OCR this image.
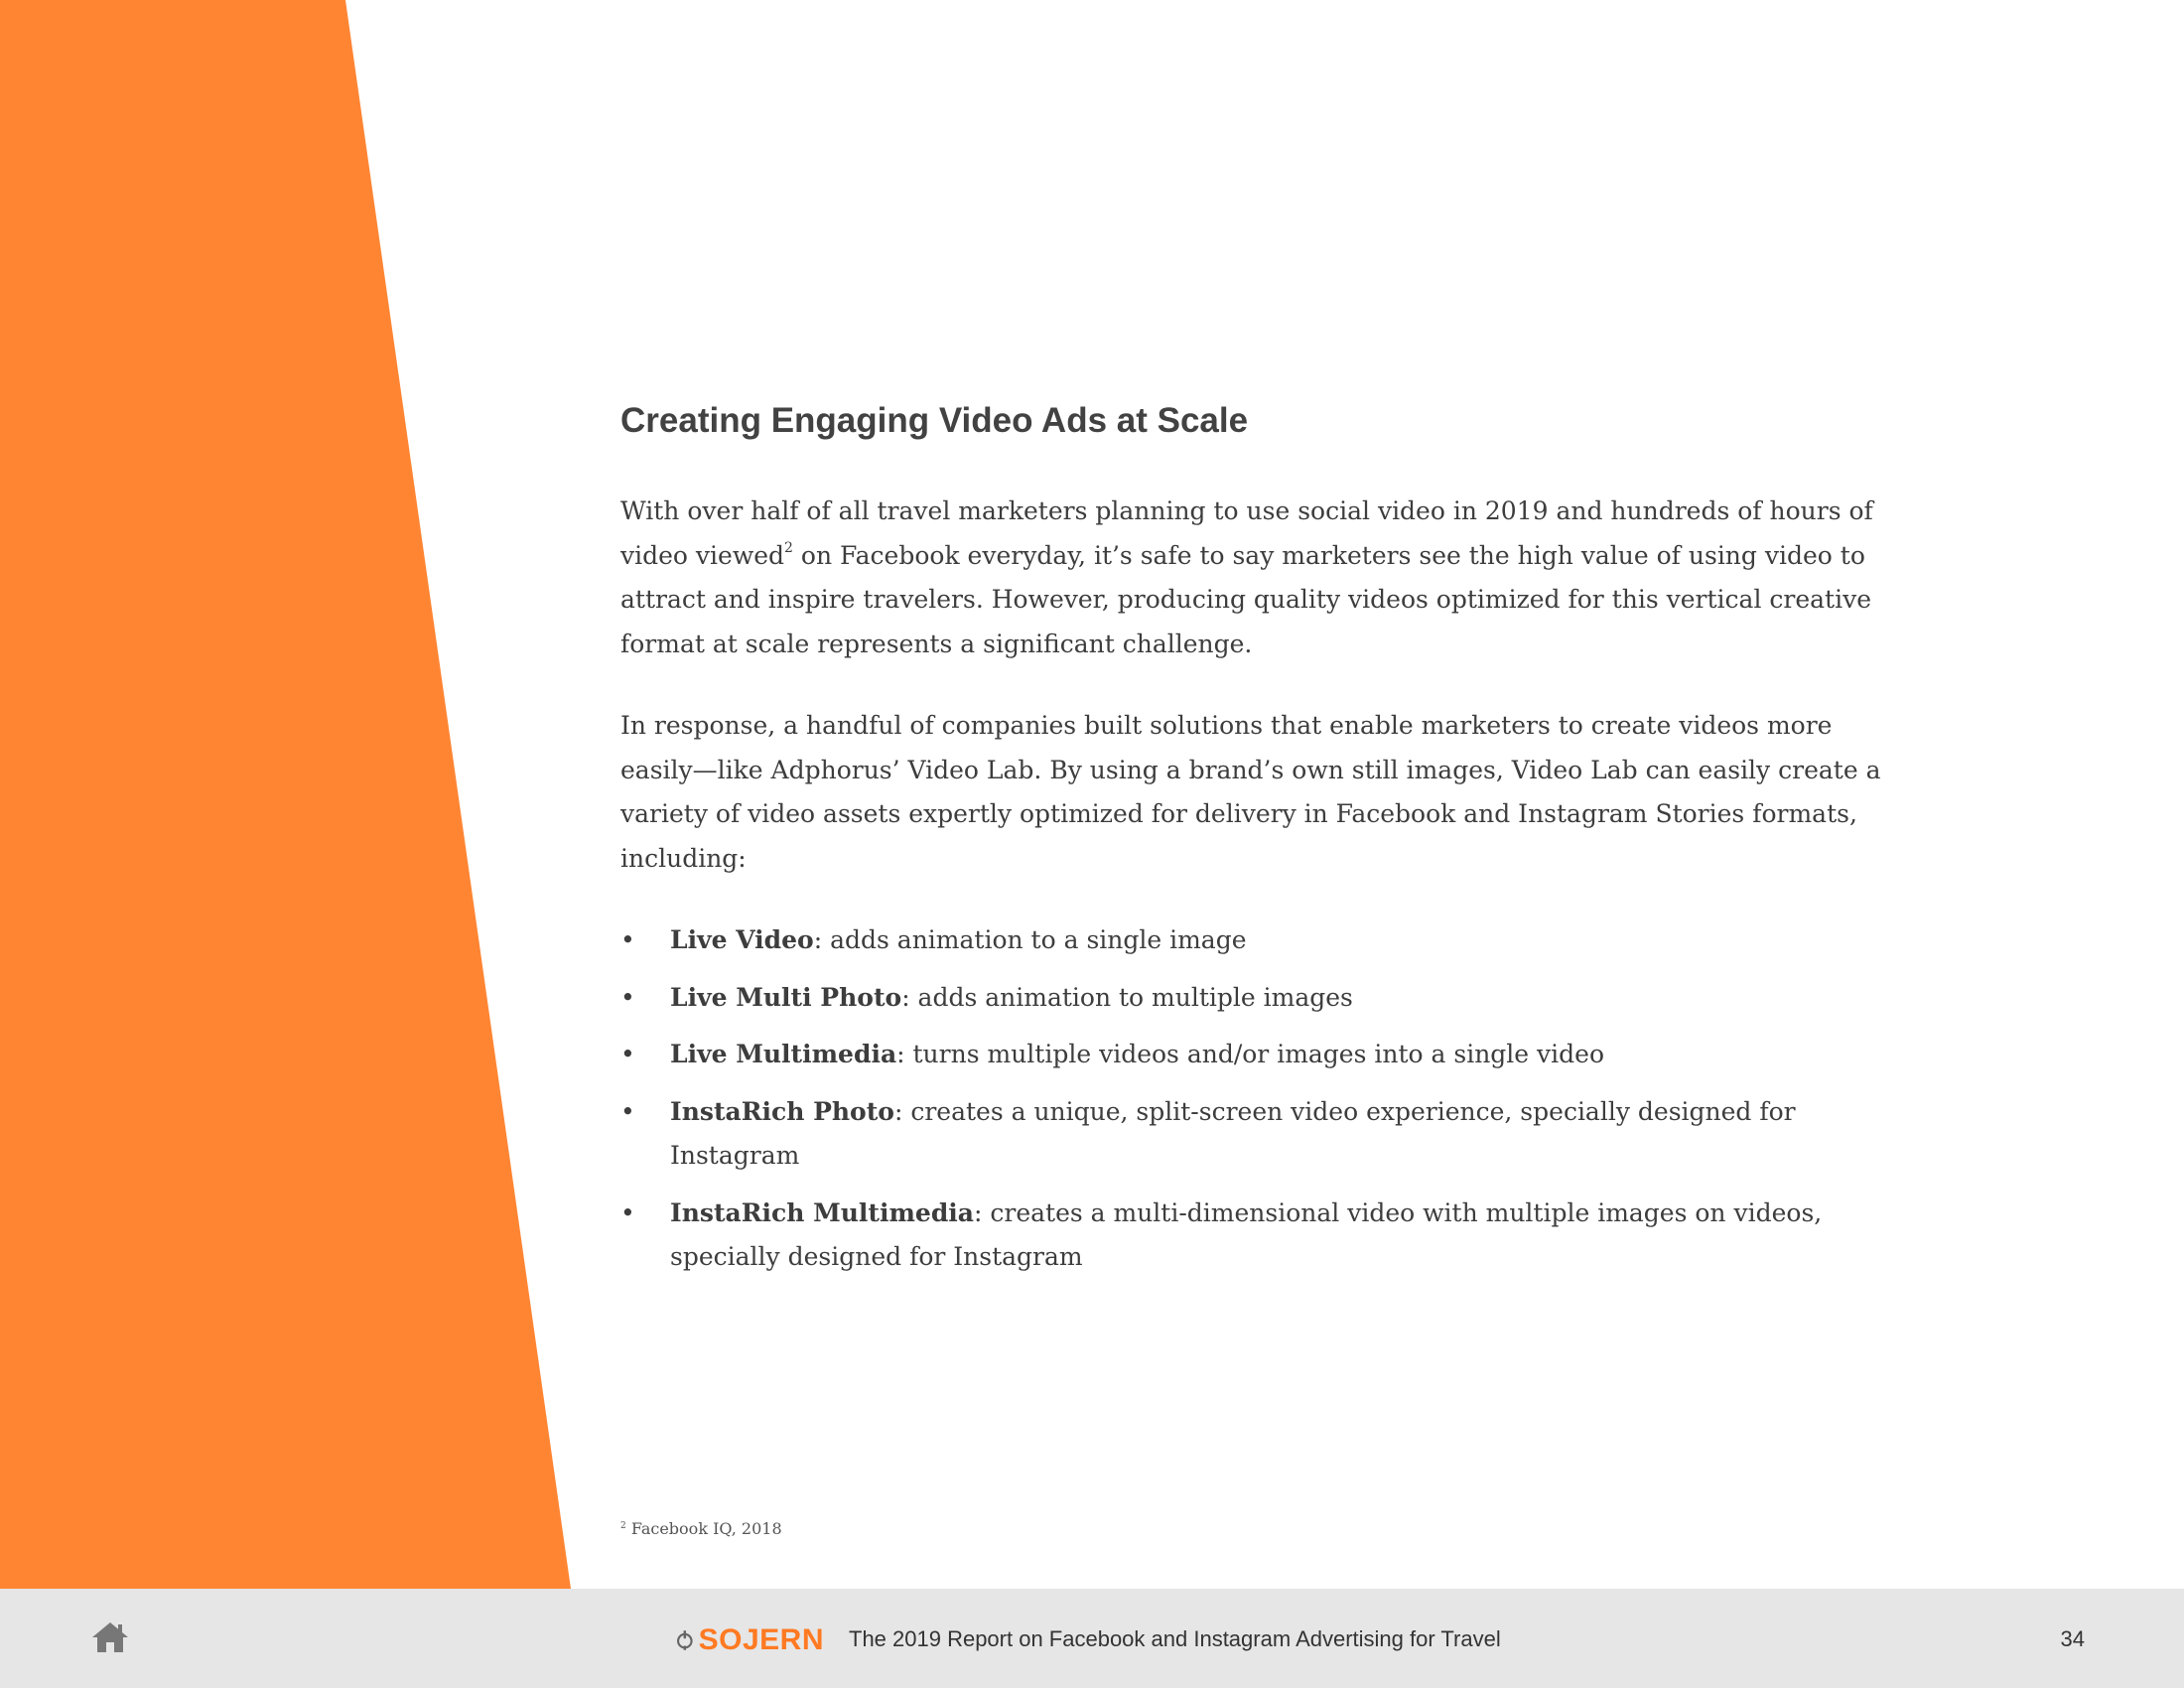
Creating Engaging Video Ads at Scale

With over half of all travel marketers planning to use social video in 2019 and hundreds of hours of video viewed$^2$ on Facebook everyday, it’s safe to say marketers see the high value of using video to attract and inspire travelers. However, producing quality videos optimized for this vertical creative format at scale represents a significant challenge.

In response, a handful of companies built solutions that enable marketers to create videos more easily—like Adphorus’ Video Lab. By using a brand’s own still images, Video Lab can easily create a variety of video assets expertly optimized for delivery in Facebook and Instagram Stories formats, including:

• Live Video: adds animation to a single image
• Live Multi Photo: adds animation to multiple images
• Live Multimedia: turns multiple videos and/or images into a single video
• InstaRich Photo: creates a unique, split-screen video experience, specially designed for Instagram
• InstaRich Multimedia: creates a multi-dimensional video with multiple images on videos, specially designed for Instagram
$^2$ Facebook IQ, 2018
SOJERN The 2019 Report on Facebook and Instagram Advertising for Travel	34
